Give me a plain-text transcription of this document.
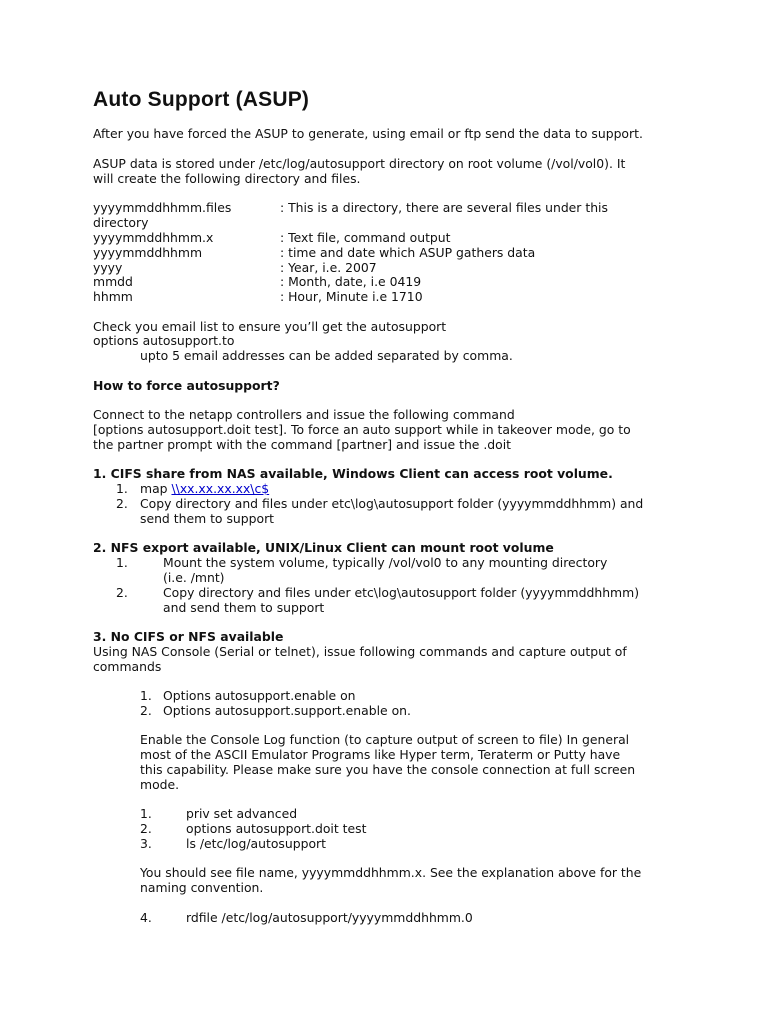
Auto Support (ASUP)
After you have forced the ASUP to generate, using email or ftp send the data to support.
ASUP data is stored under /etc/log/autosupport directory on root volume (/vol/vol0). It
will create the following directory and files.
yyyymmddhhmm.files	: This is a directory, there are several files under this
directory
yyyymmddhhmm.x	: Text file, command output
yyyymmddhhmm	: time and date which ASUP gathers data
yyyy	: Year, i.e. 2007
mmdd	: Month, date, i.e 0419
hhmm	: Hour, Minute i.e 1710
Check you email list to ensure you’ll get the autosupport
options autosupport.to
upto 5 email addresses can be added separated by comma.
How to force autosupport?
Connect to the netapp controllers and issue the following command
[options autosupport.doit test]. To force an auto support while in takeover mode, go to
the partner prompt with the command [partner] and issue the .doit
1. CIFS share from NAS available, Windows Client can access root volume.
1. map \\xx.xx.xx.xx\c$
2. Copy directory and files under etc\log\autosupport folder (yyyymmddhhmm) and
send them to support
2. NFS export available, UNIX/Linux Client can mount root volume
1.	Mount the system volume, typically /vol/vol0 to any mounting directory
(i.e. /mnt)
2.	Copy directory and files under etc\log\autosupport folder (yyyymmddhhmm)
and send them to support
3. No CIFS or NFS available
Using NAS Console (Serial or telnet), issue following commands and capture output of
commands
1. Options autosupport.enable on
2. Options autosupport.support.enable on.
Enable the Console Log function (to capture output of screen to file) In general
most of the ASCII Emulator Programs like Hyper term, Teraterm or Putty have
this capability. Please make sure you have the console connection at full screen
mode.
1.	priv set advanced
2.	options autosupport.doit test
3.	ls /etc/log/autosupport
You should see file name, yyyymmddhhmm.x. See the explanation above for the
naming convention.
4.	rdfile /etc/log/autosupport/yyyymmddhhmm.0
